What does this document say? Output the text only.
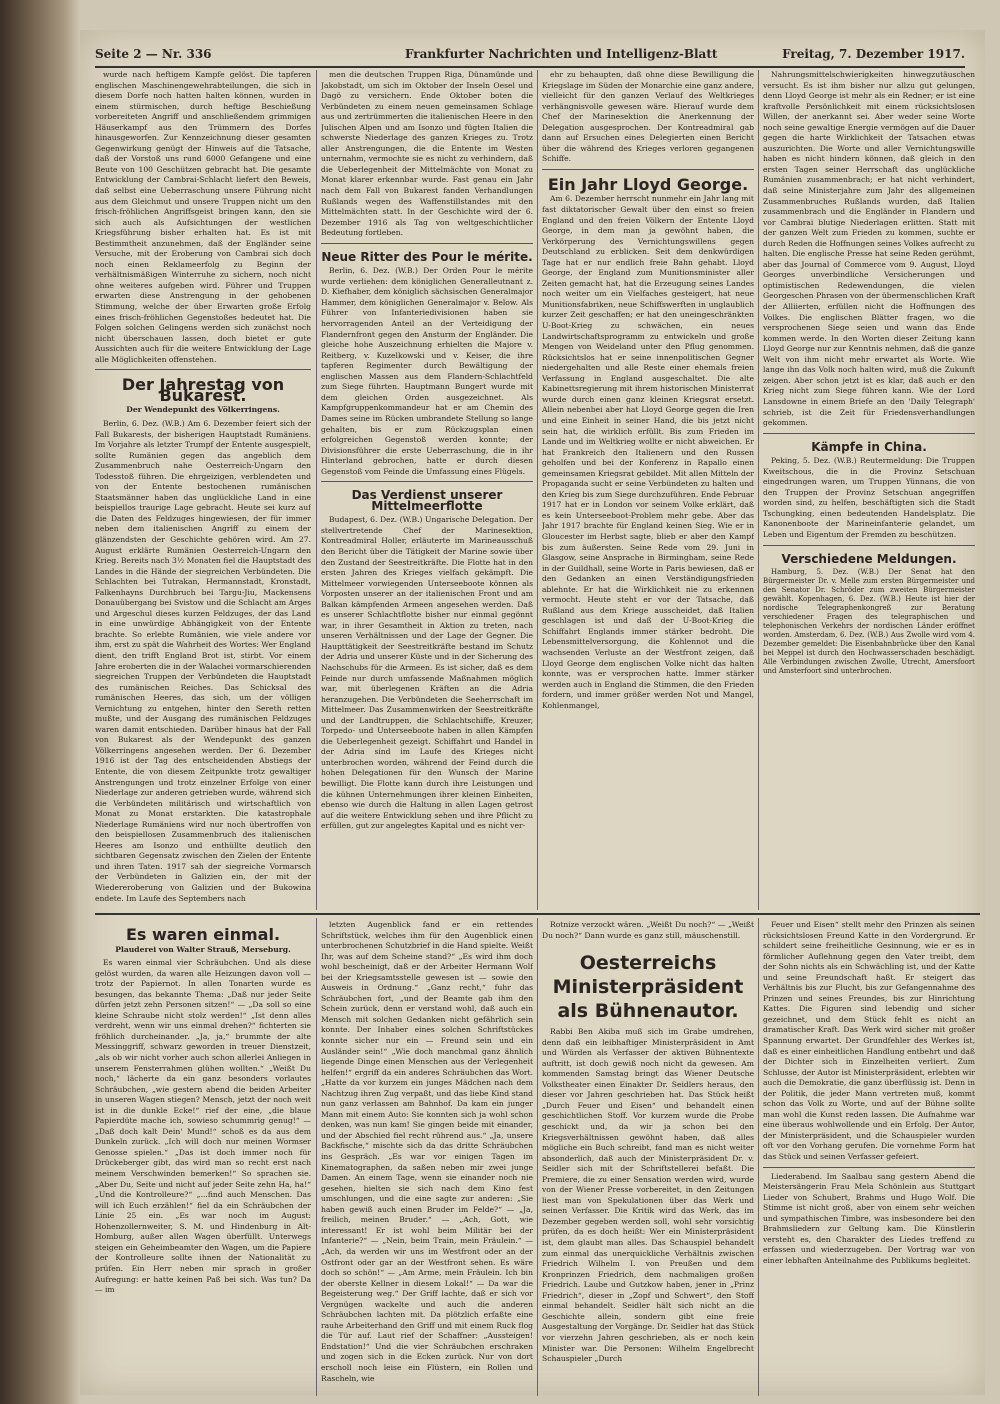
Seite 2 — Nr. 336	Frankfurter Nachrichten und Intelligenz-Blatt	Freitag, 7. Dezember 1917.

wurde nach heftigem Kampfe gelöst. Die tapferen englischen Maschinengewehrabteilungen, die sich in diesem Dorfe noch hatten halten können, wurden in einem stürmischen, durch heftige Beschießung vorbereiteten Angriff und anschließendem grimmigen Häuserkampf aus den Trümmern des Dorfes hinausgeworfen. Zur Kennzeichnung dieser gesamten Gegenwirkung genügt der Hinweis auf die Tatsache, daß der Vorstoß uns rund 6000 Gefangene und eine Beute von 100 Geschützen gebracht hat. Die gesamte Entwicklung der Cambrai-Schlacht liefert den Beweis, daß selbst eine Ueberraschung unsere Führung nicht aus dem Gleichmut und unsere Truppen nicht um den frisch-fröhlichen Angriffsgeist bringen kann, den sie sich auch als Aufsichtungen der westlichen Kriegsführung bisher erhalten hat. Es ist mit Bestimmtheit anzunehmen, daß der Engländer seine Versuche, mit der Eroberung von Cambrai sich doch noch einen Reklameerfolg zu Beginn der verhältnismäßigen Winterruhe zu sichern, noch nicht ohne weiteres aufgeben wird. Führer und Truppen erwarten diese Anstrengung in der gehobenen Stimmung, welche der über Erwarten große Erfolg eines frisch-fröhlichen Gegenstoßes bedeutet hat. Die Folgen solchen Gelingens werden sich zunächst noch nicht überschauen lassen, doch bietet er gute Aussichten auch für die weitere Entwicklung der Lage alle Möglichkeiten offenstehen.

Der Jahrestag von Bukarest.
Der Wendepunkt des Völkerringens.

Berlin, 6. Dez. (W.B.) Am 6. Dezember feiert sich der Fall Bukarests, der bisherigen Hauptstadt Rumäniens. Im Vorjahre als letzter Trumpf der Entente ausgespielt, sollte Rumänien gegen das angeblich dem Zusammenbruch nahe Oesterreich-Ungarn den Todesstoß führen. Die ehrgeizigen, verblendeten und von der Entente bestochenen rumänischen Staatsmänner haben das unglückliche Land in eine beispiellos traurige Lage gebracht. Heute sei kurz auf die Daten des Feldzuges hingewiesen, der für immer neben dem italienischen Angriff zu einem der glänzendsten der Geschichte gehören wird. Am 27. August erklärte Rumänien Oesterreich-Ungarn den Krieg. Bereits nach 3½ Monaten fiel die Hauptstadt des Landes in die Hände der siegreichen Verbündeten. Die Schlachten bei Tutrakan, Hermannstadt, Kronstadt, Falkenhayns Durchbruch bei Targu-Jiu, Mackensens Donauübergang bei Svistow und die Schlacht am Arges und Argeschul dieses kurzen Feldzuges, der das Land in eine unwürdige Abhängigkeit von der Entente brachte. So erlebte Rumänien, wie viele andere vor ihm, erst zu spät die Wahrheit des Wortes: Wer England dient, den trifft England Brot ist, stirbt. Vor einem Jahre eroberten die in der Walachei vormarschierenden siegreichen Truppen der Verbündeten die Hauptstadt des rumänischen Reiches. Das Schicksal des rumänischen Heeres, das sich, um der völligen Vernichtung zu entgehen, hinter den Sereth retten mußte, und der Ausgang des rumänischen Feldzuges waren damit entschieden. Darüber hinaus hat der Fall von Bukarest als der Wendepunkt des ganzen Völkerringens angesehen werden. Der 6. Dezember 1916 ist der Tag des entscheidenden Abstiegs der Entente, die von diesem Zeitpunkte trotz gewaltiger Anstrengungen und trotz einzelner Erfolge von einer Niederlage zur anderen getrieben wurde, während sich die Verbündeten militärisch und wirtschaftlich von Monat zu Monat erstarkten. Die katastrophale Niederlage Rumäniens wird nur noch übertroffen von den beispiellosen Zusammenbruch des italienischen Heeres am Isonzo und enthüllte deutlich den sichtbaren Gegensatz zwischen den Zielen der Entente und ihren Taten. 1917 sah der siegreiche Vormarsch der Verbündeten in Galizien ein, der mit der Wiedereroberung von Galizien und der Bukowina endete. Im Laufe des Septembers nach

men die deutschen Truppen Riga, Dünamünde und Jakobstadt, um sich im Oktober der Inseln Oesel und Dagö zu versichern. Ende Oktober boten die Verbündeten zu einem neuen gemeinsamen Schlage aus und zertrümmerten die italienischen Heere in den Julischen Alpen und am Isonzo und fügten Italien die schwerste Niederlage des ganzen Krieges zu. Trotz aller Anstrengungen, die die Entente im Westen unternahm, vermochte sie es nicht zu verhindern, daß die Ueberlegenheit der Mittelmächte von Monat zu Monat klarer erkennbar wurde. Fast genau ein Jahr nach dem Fall von Bukarest fanden Verhandlungen Rußlands wegen des Waffenstillstandes mit den Mittelmächten statt. In der Geschichte wird der 6. Dezember 1916 als Tag von weltgeschichtlicher Bedeutung fortleben.

Neue Ritter des Pour le mérite.

Berlin, 6. Dez. (W.B.) Der Orden Pour le mérite wurde verliehen: dem königlichen Generalleutnant z. D. Kiefhaber, dem königlich sächsischen Generalmajor Hammer, dem königlichen Generalmajor v. Below. Als Führer von Infanteriedivisionen haben sie hervorragenden Anteil an der Verteidigung der Flandernfront gegen den Ansturm der Engländer. Die gleiche hohe Auszeichnung erhielten die Majore v. Reitberg, v. Kuzelkowski und v. Keiser, die ihre tapferen Regimenter durch Bewältigung der englischen Massen aus dem Flandern-Schlachtfeld zum Siege führten. Hauptmann Bungert wurde mit dem gleichen Orden ausgezeichnet. Als Kampfgruppenkommandeur hat er am Chemin des Dames seine im Rücken umbrandete Stellung so lange gehalten, bis er zum Rückzugsplan einen erfolgreichen Gegenstoß werden konnte; der Divisionsführer die erste Ueberraschung, die in ihr Hinterland gebrochen, hatte er durch diesen Gegenstoß vom Feinde die Umfassung eines Flügels.

Das Verdienst unserer Mittelmeerflotte

Budapest, 6. Dez. (W.B.) Ungarische Delegation. Der stellvertretende Chef der Marinesektion, Kontreadmiral Holler, erläuterte im Marineausschuß den Bericht über die Tätigkeit der Marine sowie über den Zustand der Seestreitkräfte. Die Flotte hat in den ersten Jahren des Krieges vielfach gekämpft. Die Mittelmeer vorwiegenden Unterseeboote können als Vorposten unserer an der italienischen Front und am Balkan kämpfenden Armeen angesehen werden. Daß es unserer Schlachtflotte bisher nur einmal gegönnt war, in ihrer Gesamtheit in Aktion zu treten, nach unseren Verhältnissen und der Lage der Gegner. Die Haupttätigkeit der Seestreitkräfte bestand im Schutz der Adria und unserer Küste und in der Sicherung des Nachschubs für die Armeen. Es ist sicher, daß es dem Feinde nur durch umfassende Maßnahmen möglich war, mit überlegenen Kräften an die Adria heranzugehen. Die Verbündeten die Seeherrschaft im Mittelmeer. Das Zusammenwirken der Seestreitkräfte und der Landtruppen, die Schlachtschiffe, Kreuzer, Torpedo- und Unterseeboote haben in allen Kämpfen die Ueberlegenheit gezeigt. Schiffahrt und Handel in der Adria sind im Laufe des Krieges nicht unterbrochen worden, während der Feind durch die hohen Delegationen für den Wunsch der Marine bewilligt. Die Flotte kann durch ihre Leistungen und die kühnen Unternehmungen ihrer kleinen Einheiten, ebenso wie durch die Haltung in allen Lagen getrost auf die weitere Entwicklung sehen und ihre Pflicht zu erfüllen, gut zur angelegtes Kapital und es nicht ver-

ehr zu behaupten, daß ohne diese Bewilligung die Kriegslage im Süden der Monarchie eine ganz andere, vielleicht für den ganzen Verlauf des Weltkrieges verhängnisvolle gewesen wäre. Hierauf wurde dem Chef der Marinesektion die Anerkennung der Delegation ausgesprochen. Der Kontreadmiral gab dann auf Ersuchen eines Delegierten einen Bericht über die während des Krieges verloren gegangenen Schiffe.

Ein Jahr Lloyd George.

Am 6. Dezember herrscht nunmehr ein Jahr lang mit fast diktatorischer Gewalt über den einst so freien England und den freien Völkern der Entente Lloyd George, in dem man ja gewöhnt haben, die Verkörperung des Vernichtungswillens gegen Deutschland zu erblicken. Seit dem denkwürdigen Tage hat er nur endlich freie Bahn gehabt. Lloyd George, der England zum Munitionsminister aller Zeiten gemacht hat, hat die Erzeugung seines Landes noch weiter um ein Vielfaches gesteigert, hat neue Munitionsfabriken, neue Schiffswerften in unglaublich kurzer Zeit geschaffen; er hat den uneingeschränkten U-Boot-Krieg zu schwächen, ein neues Landwirtschaftsprogramm zu entwickeln und große Mengen von Weideland unter den Pflug genommen. Rücksichtslos hat er seine innenpolitischen Gegner niedergehalten und alle Reste einer ehemals freien Verfassung in England ausgeschaltet. Die alte Kabinettsregierung mit ihrem historischen Ministerrat wurde durch einen ganz kleinen Kriegsrat ersetzt. Allein nebenbei aber hat Lloyd George gegen die Iren und eine Einheit in seiner Hand, die bis jetzt nicht sein hat, die wirklich erfüllt. Bis zum Frieden im Lande und im Weltkrieg wollte er nicht abweichen. Er hat Frankreich den Italienern und den Russen geholfen und bei der Konferenz in Rapallo einen gemeinsamen Kriegsrat gebildet. Mit allen Mitteln der Propaganda sucht er seine Verbündeten zu halten und den Krieg bis zum Siege durchzuführen. Ende Februar 1917 hat er in London vor seinem Volke erklärt, daß es kein Unterseeboot-Problem mehr gebe. Aber das Jahr 1917 brachte für England keinen Sieg. Wie er in Gloucester im Herbst sagte, blieb er aber den Kampf bis zum äußersten. Seine Rede vom 29. Juni in Glasgow, seine Ansprache in Birmingham, seine Rede in der Guildhall, seine Worte in Paris bewiesen, daß er den Gedanken an einen Verständigungsfrieden ablehnte. Er hat die Wirklichkeit nie zu erkennen vermocht. Heute steht er vor der Tatsache, daß Rußland aus dem Kriege ausscheidet, daß Italien geschlagen ist und daß der U-Boot-Krieg die Schiffahrt Englands immer stärker bedroht. Die Lebensmittelversorgung, die Kohlennot und die wachsenden Verluste an der Westfront zeigen, daß Lloyd George dem englischen Volke nicht das halten konnte, was er versprochen hatte. Immer stärker werden auch in England die Stimmen, die den Frieden fordern, und immer größer werden Not und Mangel, Kohlenmangel,

Nahrungsmittelschwierigkeiten hinwegzutäuschen versucht. Es ist ihm bisher nur allzu gut gelungen, denn Lloyd George ist mehr als ein Redner; er ist eine kraftvolle Persönlichkeit mit einem rücksichtslosen Willen, der anerkannt sei. Aber weder seine Worte noch seine gewaltige Energie vermögen auf die Dauer gegen die harte Wirklichkeit der Tatsachen etwas auszurichten. Die Worte und aller Vernichtungswille haben es nicht hindern können, daß gleich in den ersten Tagen seiner Herrschaft das unglückliche Rumänien zusammenbrach; er hat nicht verhindert, daß seine Ministerjahre zum Jahr des allgemeinen Zusammenbruches Rußlands wurden, daß Italien zusammenbrach und die Engländer in Flandern und vor Cambrai blutige Niederlagen erlitten. Statt mit der ganzen Welt zum Frieden zu kommen, suchte er durch Reden die Hoffnungen seines Volkes aufrecht zu halten. Die englische Presse hat seine Reden gerühmt, aber das Journal of Commerce vom 9. August, Lloyd Georges unverbindliche Versicherungen und optimistischen Redewendungen, die vielen Georgeschen Phrasen von der übermenschlichen Kraft der Alliierten, erfüllen nicht die Hoffnungen des Volkes. Die englischen Blätter fragen, wo die versprochenen Siege seien und wann das Ende kommen werde. In den Worten dieser Zeitung kann Lloyd George nur zur Kenntnis nehmen, daß die ganze Welt von ihm nicht mehr erwartet als Worte. Wie lange ihn das Volk noch halten wird, muß die Zukunft zeigen. Aber schon jetzt ist es klar, daß auch er den Krieg nicht zum Siege führen kann. Wie der Lord Lansdowne in einem Briefe an den 'Daily Telegraph' schrieb, ist die Zeit für Friedensverhandlungen gekommen.

Kämpfe in China.

Peking, 5. Dez. (W.B.) Reutermeldung: Die Truppen Kweitschous, die in die Provinz Setschuan eingedrungen waren, um Truppen Yünnans, die von den Truppen der Provinz Setschuan angegriffen worden sind, zu helfen, beschäftigten sich die Stadt Tschungking, einen bedeutenden Handelsplatz. Die Kanonenboote der Marineinfanterie gelandet, um Leben und Eigentum der Fremden zu beschützen.

Verschiedene Meldungen.

Hamburg, 5. Dez. (W.B.) Der Senat hat den Bürgermeister Dr. v. Melle zum ersten Bürgermeister und den Senator Dr. Schröder zum zweiten Bürgermeister gewählt. Kopenhagen, 6. Dez. (W.B.) Heute ist hier der nordische Telegraphenkongreß zur Beratung verschiedener Fragen des telegraphischen und telephonischen Verkehrs der nordischen Länder eröffnet worden. Amsterdam, 6. Dez. (W.B.) Aus Zwolle wird vom 4. Dezember gemeldet: Die Eisenbahnbrücke über den Kanal bei Meppel ist durch den Hochwasserschaden beschädigt. Alle Verbindungen zwischen Zwolle, Utrecht, Amersfoort und Amsterfoort sind unterbrochen.

Es waren einmal.
Plauderei von Walter Strauß, Merseburg.

Es waren einmal vier Schräubchen. Und als diese gelöst wurden, da waren alle Heizungen davon voll — trotz der Papiernot. In allen Tonarten wurde es besungen, das bekannte Thema: „Daß nur jeder Seite dürfen jetzt zehn Personen sitzen!“ — „Da soll so eine kleine Schraube nicht stolz werden!“ „Ist denn alles verdreht, wenn wir uns einmal drehen?“ fichterten sie fröhlich durcheinander. „Ja, ja,“ brummte der alte Messinggriff, schwarz geworden in treuer Dienstzeit, „als ob wir nicht vorher auch schon allerlei Anliegen in unserem Fensterrahmen glühen wollten.“ „Weißt Du noch,“ lächerte da ein ganz besonders vorlautes Schräubchen, „wie gestern abend die beiden Arbeiter in unseren Wagen stiegen? Mensch, jetzt der noch weit ist in die dunkle Ecke!“ rief der eine, „die blaue Papierdüte mache ich, sowieso schummrig genug!“ — „Daß doch kalt Dein' Mund!“ schoß es da aus dem Dunkeln zurück. „Ich will doch nur meinen Wormser Genosse spielen.“ „Das ist doch immer noch für Drückeberger gibt, das wird man so recht erst nach meinem Verschwinden bemerken!“ So sprachen sie. „Aber Du, Seite und nicht auf jeder Seite zehn Ha, ha!“ „Und die Kontrolleure?“ „...find auch Menschen. Das will ich Euch erzählen!“ fiel da ein Schräubchen der Linie 25 ein. „Es war noch im August: Hohenzollernweiter, S. M. und Hindenburg in Alt-Homburg, außer allen Wagen überfüllt. Unterwegs steigen ein Geheimbeamter den Wagen, um die Papiere der Kontrolleure sollte ihnen der Nationalität zu prüfen. Ein Herr neben mir sprach in großer Aufregung: er hatte keinen Paß bei sich. Was tun? Da — im

letzten Augenblick fand er ein rettendes Schriftstück, welches ihm für den Augenblick einen unterbrochenen Schutzbrief in die Hand spielte. Weißt Ihr, was auf dem Scheine stand?“ „Es wird ihm doch wohl bescheinigt, daß er der Arbeiter Hermann Wolf bei der Kriegsamtsstelle gewesen ist — sowie den Ausweis in Ordnung.“ „Ganz recht,“ fuhr das Schräubchen fort, „und der Beamte gab ihm den Schein zurück, denn er verstand wohl, daß auch ein Mensch mit solchen Gedanken nicht gefährlich sein konnte. Der Inhaber eines solchen Schriftstückes konnte sicher nur ein — Freund sein und ein Ausländer sein!“ „Wie doch manchmal ganz ähnlich liegende Dinge einen Menschen aus der Verlegenheit helfen!“ ergriff da ein anderes Schräubchen das Wort. „Hatte da vor kurzem ein junges Mädchen nach dem Nachtzug ihren Zug verpaßt, und das liebe Kind stand nun ganz verlassen am Bahnhof. Da kam ein junger Mann mit einem Auto: Sie konnten sich ja wohl schon denken, was nun kam! Sie gingen beide mit einander, und der Abschied fiel recht rührend aus.“ „Ja, unsere Backfische,“ mischte sich da das dritte Schräubchen ins Gespräch. „Es war vor einigen Tagen im Kinematographen, da saßen neben mir zwei junge Damen. An einem Tage, wenn sie einander noch nie gesehen, hielten sie sich nach dem Kino fest umschlungen, und die eine sagte zur anderen: „Sie haben gewiß auch einen Bruder im Felde?“ — „Ja, freilich, meinen Bruder.“ — „Ach, Gott, wie interessant! Er ist wohl beim Militär bei der Infanterie?“ — „Nein, beim Train, mein Fräulein.“ — „Ach, da werden wir uns im Westfront oder an der Ostfront oder gar an der Westfront sehen. Es wäre doch so schön!“ — „Am Arme, mein Fräulein. Ich bin der oberste Kellner in diesem Lokal!“ — Da war die Begeisterung weg.“ Der Griff lachte, daß er sich vor Vergnügen wackelte und auch die anderen Schräubchen lachten mit. Da plötzlich erfaßte eine rauhe Arbeiterhand den Griff und mit einem Ruck flog die Tür auf. Laut rief der Schaffner: „Aussteigen! Endstation!“ Und die vier Schräubchen erschraken und zogen sich in die Ecken zurück. Nur von dort erscholl noch leise ein Flüstern, ein Rollen und Rascheln, wie

Rotnize verzockt wären. „Weißt Du noch?“ — „Weißt Du noch?“ Dann wurde es ganz still, mäuschenstill.

Oesterreichs Ministerpräsident als Bühnenautor.

Rabbi Ben Akiba muß sich im Grabe umdrehen, denn daß ein leibhaftiger Ministerpräsident in Amt und Würden als Verfasser der aktiven Bühnentexte auftritt, ist doch gewiß noch nicht da gewesen. Am kommenden Samstag bringt das Wiener Deutsche Volkstheater einen Einakter Dr. Seidlers heraus, den dieser vor Jahren geschrieben hat. Das Stück heißt „Durch Feuer und Eisen“ und behandelt einen geschichtlichen Stoff. Vor kurzem wurde die Probe geschickt und, da wir ja schon bei den Kriegsverhältnissen gewöhnt haben, daß alles mögliche ein Buch schreibt, fand man es nicht weiter absonderlich, daß auch der Ministerpräsident Dr. v. Seidler sich mit der Schriftstellerei befaßt. Die Premiere, die zu einer Sensation werden wird, wurde von der Wiener Presse vorbereitet, in den Zeitungen liest man von Spekulationen über das Werk und seinen Verfasser. Die Kritik wird das Werk, das im Dezember gegeben werden soll, wohl sehr vorsichtig prüfen, da es doch heißt: Wer ein Ministerpräsident ist, dem glaubt man alles. Das Schauspiel behandelt zum einmal das unerquickliche Verhältnis zwischen Friedrich Wilhelm I. von Preußen und dem Kronprinzen Friedrich, dem nachmaligen großen Friedrich. Laube und Gutzkow haben, jener in „Prinz Friedrich“, dieser in „Zopf und Schwert“, den Stoff einmal behandelt. Seidler hält sich nicht an die Geschichte allein, sondern gibt eine freie Ausgestaltung der Vorgänge. Dr. Seidler hat das Stück vor vierzehn Jahren geschrieben, als er noch kein Minister war. Die Personen: Wilhelm Engelbrecht Schauspieler „Durch

Feuer und Eisen“ stellt mehr den Prinzen als seinen rücksichtslosen Freund Katte in den Vordergrund. Er schildert seine freiheitliche Gesinnung, wie er es in förmlicher Auflehnung gegen den Vater treibt, dem der Sohn nichts als ein Schwächling ist, und der Katte und seine Freundschaft haßt. Er steigert das Verhältnis bis zur Flucht, bis zur Gefangennahme des Prinzen und seines Freundes, bis zur Hinrichtung Kattes. Die Figuren sind lebendig und sicher gezeichnet, und dem Stück fehlt es nicht an dramatischer Kraft. Das Werk wird sicher mit großer Spannung erwartet. Der Grundfehler des Werkes ist, daß es einer einheitlichen Handlung entbehrt und daß der Dichter sich in Einzelheiten verliert. Zum Schlusse, der Autor ist Ministerpräsident, erlebten wir auch die Demokratie, die ganz überflüssig ist. Denn in der Politik, die jeder Mann vertreten muß, kommt schon das Volk zu Worte, und auf der Bühne sollte man wohl die Kunst reden lassen. Die Aufnahme war eine überaus wohlwollende und ein Erfolg. Der Autor, der Ministerpräsident, und die Schauspieler wurden oft vor den Vorhang gerufen. Die vornehme Form hat das Stück und seinen Verfasser gefeiert.

Liederabend. Im Saalbau sang gestern Abend die Meistersängerin Frau Mela Schönlein aus Stuttgart Lieder von Schubert, Brahms und Hugo Wolf. Die Stimme ist nicht groß, aber von einem sehr weichen und sympathischen Timbre, was insbesondere bei den Brahmsliedern zur Geltung kam. Die Künstlerin versteht es, den Charakter des Liedes treffend zu erfassen und wiederzugeben. Der Vortrag war von einer lebhaften Anteilnahme des Publikums begleitet.
